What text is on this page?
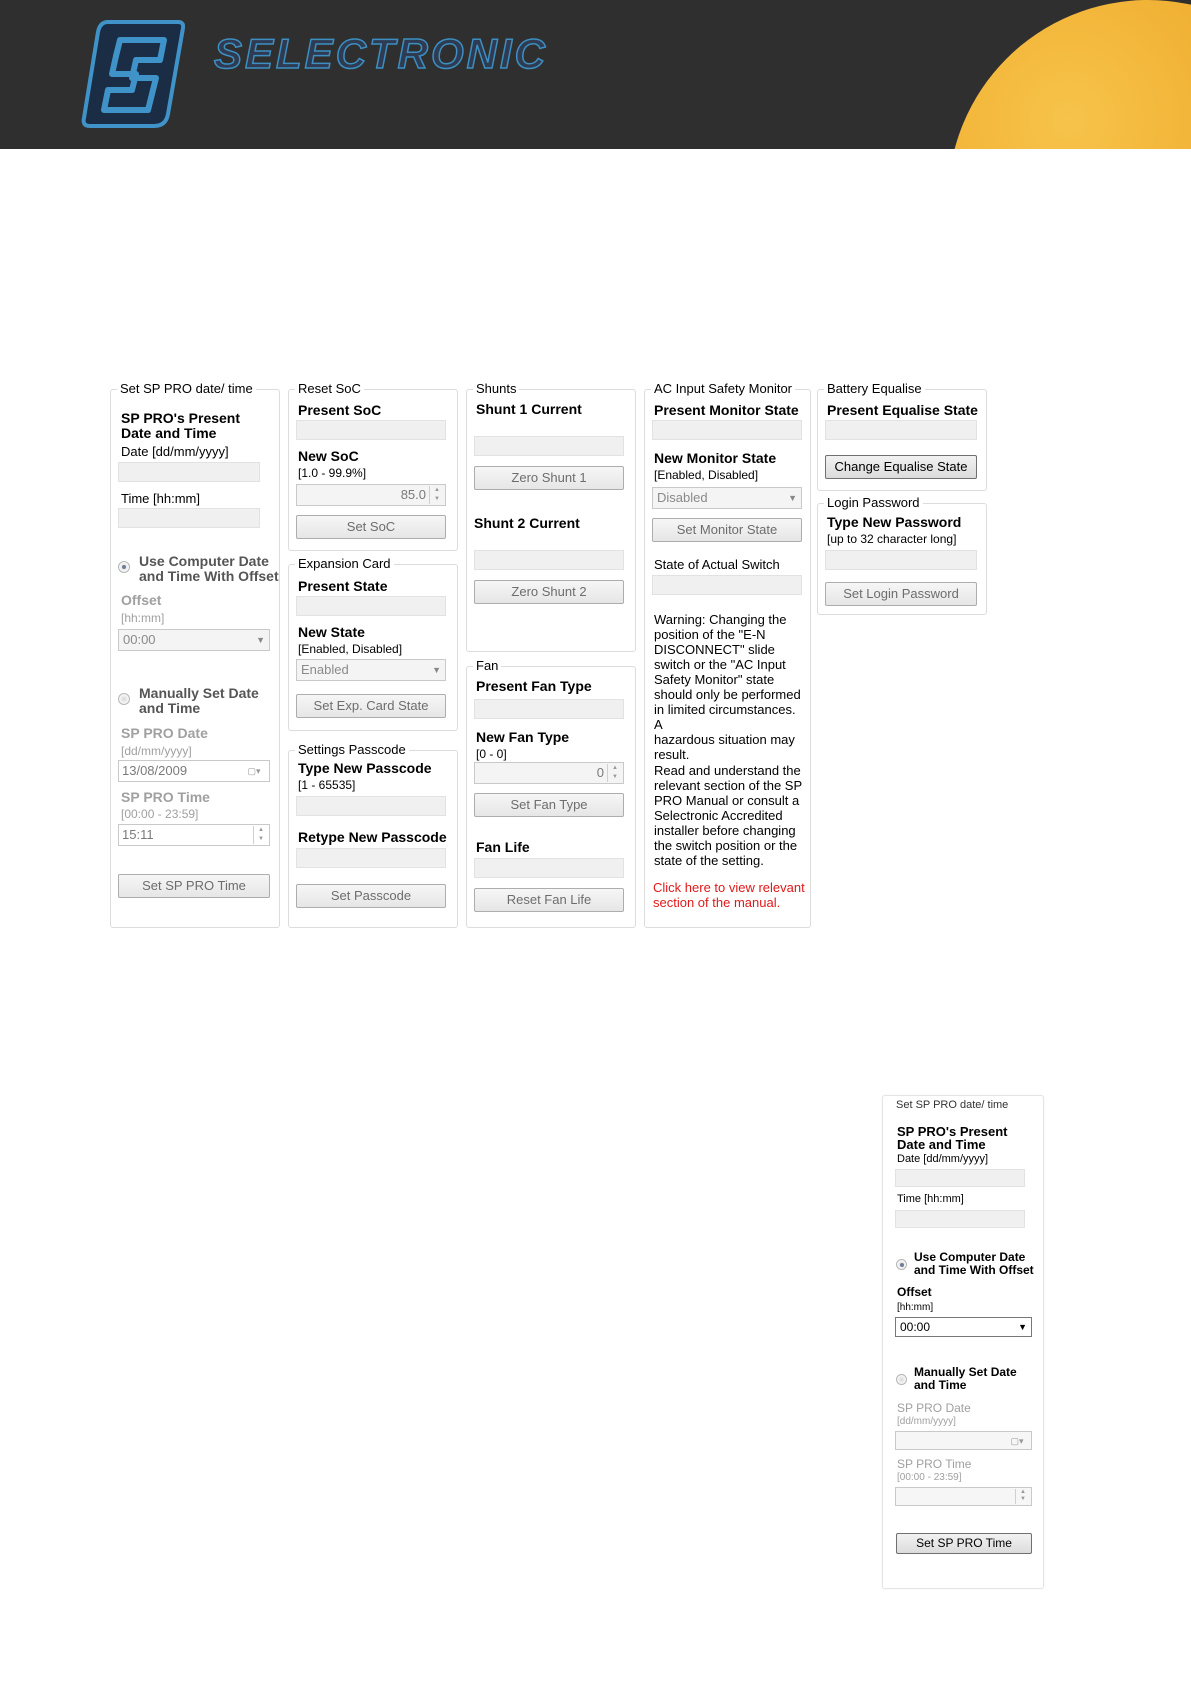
SELECTRONIC
Set SP PRO date/ time
SP PRO's Present
Date and Time
Date [dd/mm/yyyy]
Time [hh:mm]
Use Computer Date
and Time With Offset
Offset
[hh:mm]
00:00	▼
Manually Set Date
and Time
SP PRO Date
[dd/mm/yyyy]
13/08/2009	▢▾
SP PRO Time
[00:00 - 23:59]
15:11	▲
▼
Set SP PRO Time
Reset SoC
Present SoC
New SoC
[1.0 - 99.9%]
85.0	▲
▼
Set SoC
Expansion Card
Present State
New State
[Enabled, Disabled]
Enabled	▼
Set Exp. Card State
Settings Passcode
Type New Passcode
[1 - 65535]
Retype New Passcode
Set Passcode
Shunts
Shunt 1 Current
Zero Shunt 1
Shunt 2 Current
Zero Shunt 2
Fan
Present Fan Type
New Fan Type
[0 - 0]
0	▲
▼
Set Fan Type
Fan Life
Reset Fan Life
AC Input Safety Monitor
Present Monitor State
New Monitor State
[Enabled, Disabled]
Disabled	▼
Set Monitor State
State of Actual Switch
Warning: Changing the
position of the "E-N
DISCONNECT" slide
switch or the "AC Input
Safety Monitor" state
should only be performed
in limited circumstances. A
hazardous situation may
result.
Read and understand the
relevant section of the SP
PRO Manual or consult a
Selectronic Accredited
installer before changing
the switch position or the
state of the setting.
Click here to view relevant
section of the manual.
Battery Equalise
Present Equalise State
Change Equalise State
Login Password
Type New Password
[up to 32 character long]
Set Login Password
Set SP PRO date/ time
SP PRO's Present
Date and Time
Date [dd/mm/yyyy]
Time [hh:mm]
Use Computer Date
and Time With Offset
Offset
[hh:mm]
00:00	▼
Manually Set Date
and Time
SP PRO Date
[dd/mm/yyyy]
▢▾
SP PRO Time
[00:00 - 23:59]
▲
▼
Set SP PRO Time
